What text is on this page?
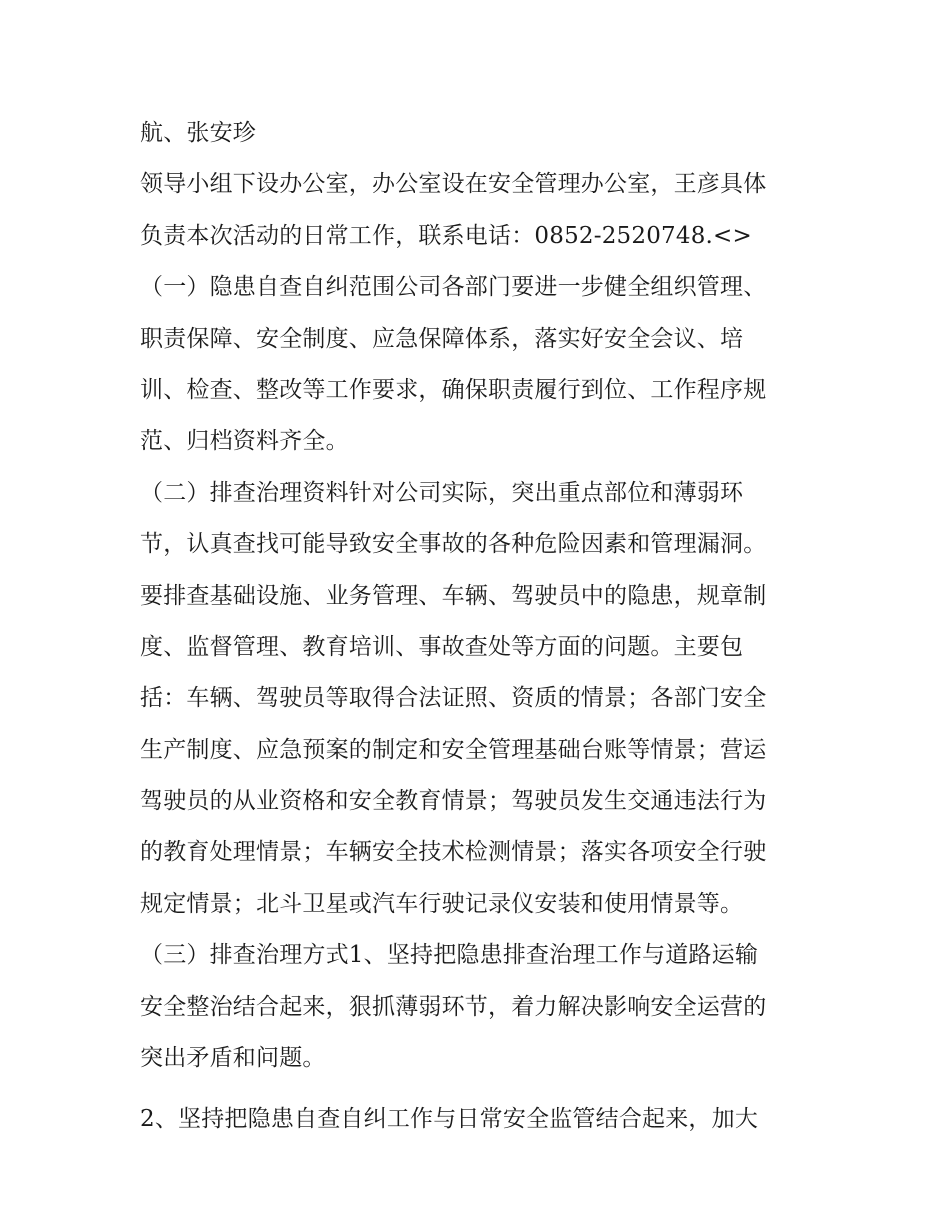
航、张安珍
领导小组下设办公室，办公室设在安全管理办公室，王彦具体
负责本次活动的日常工作，联系电话：0852-2520748.<>
（一）隐患自查自纠范围公司各部门要进一步健全组织管理、
职责保障、安全制度、应急保障体系，落实好安全会议、培
训、检查、整改等工作要求，确保职责履行到位、工作程序规
范、归档资料齐全。
（二）排查治理资料针对公司实际，突出重点部位和薄弱环
节，认真查找可能导致安全事故的各种危险因素和管理漏洞。
要排查基础设施、业务管理、车辆、驾驶员中的隐患，规章制
度、监督管理、教育培训、事故查处等方面的问题。主要包
括：车辆、驾驶员等取得合法证照、资质的情景；各部门安全
生产制度、应急预案的制定和安全管理基础台账等情景；营运
驾驶员的从业资格和安全教育情景；驾驶员发生交通违法行为
的教育处理情景；车辆安全技术检测情景；落实各项安全行驶
规定情景；北斗卫星或汽车行驶记录仪安装和使用情景等。
（三）排查治理方式1、坚持把隐患排查治理工作与道路运输
安全整治结合起来，狠抓薄弱环节，着力解决影响安全运营的
突出矛盾和问题。
2、坚持把隐患自查自纠工作与日常安全监管结合起来，加大
